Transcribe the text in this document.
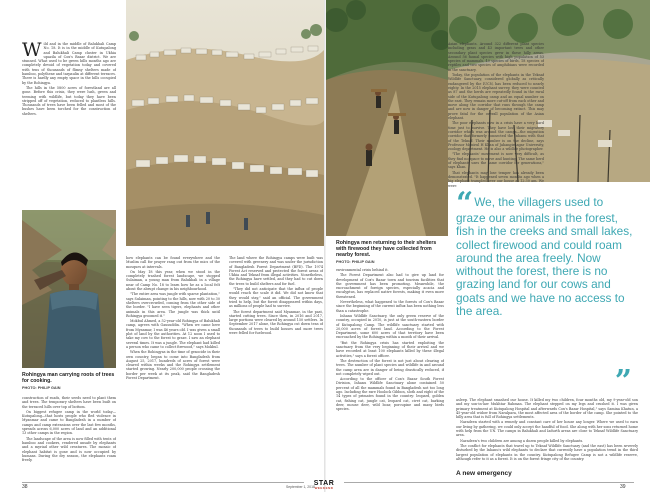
Wild and in the middle of Balukhali Camp No. 18. It is in the middle of Kutupalong and Balukhali Camp cluster in Ukhia upazila of Cox's Bazar district. We are stunned. What used to be green hills months ago are completely devoid of vegetation today and covered with tens of thousands of flimsy shelters made of bamboo, polythene and tarpaulin at different terraces. There is hardly any empty space in the hills occupied by the Rohingya.

The hills in the 5800 acres of forestland are all gone. Before this crisis, they were lush, green and teeming with wildlife, but today they have been stripped off of vegetation, reduced to plantless hills. Thousands of trees have been felled and most of the bushes have been torched for the construction of shelters.

Rohingya man carrying roots of trees for cooking.
PHOTO: PHILIP GAIN

construction of roads, their seeds need to plant them and trees. The temporary shelters have been built on the terraced hills over top of bottom.

On biggest refugee camp in the world today—Kutupalong—that hosts people who fled violence in Myanmar and came to Bangladesh in a number of camps and camp extensions over the last few months, spreads across 6,000 acres of land and an additional 13 other camps in the region.

The landscape of the area is now filled with tents of bamboo and cookers, rendered unsafe by elephants and a myriad other wild creatures. The mosaic of elephant habitat is gone and is now occupied by humans. During the dry season, the elephants roam freely.

how elephants can be found everywhere and the Muslim call for prayer rang out from the mics of the mosques at intervals.

On May 18 this year, when we stood in the completely trashed forest landscape, we stopped Sulaiman, a young man from Balukhali in a village near of Camp No. 18 to learn how he as a local felt about the abrupt change in his neighbourhood.

"The entire area was jungle with sparse plantation," says Sulaiman, pointing to the hills, now with 20 to 30 shelters overcrowded, coming from the other side of the border. "I have seen tigers, elephants and other animals in this area. The jungle was thick until Rohingya groomed it."

Mokbul Ahmed, a 52-year-old Rohingya of Balukhali camp, agrees with Gausuddin. "When we came here from Myanmar, I was 46 years old. I was given a small plot of land by the authorities. At 12 noon I used to take my cow to the forest to graze. I saw an elephant several times. It was a jungle. The elephant had killed a person who came to collect firewood," says Mokbul.

When the Rohingyas in the time of genocide in their own country, began to come into Bangladesh from August 25, 2017, hundreds of acres of forest were cleared within weeks and the Rohingya settlement started growing. Nearly 200,000 people crossing the border per week at its peak, said the Bangladesh Forest Department.

The land where the Rohingya camps were built was covered with greenery and was under the jurisdiction of Bangladesh Forest Department (BFD). The 1974 Forest Act reserved and protected the forest areas of Ukhia and Teknaf from illegal activities. Nonetheless, the Rohingya have settled, and they had to cut down the trees to build shelters and for fuel.

"They did not anticipate that the influx of people would reach the scale it did. We did not know that they would stay," said an official. The government tried to help, but the forest disappeared within days, as millions of people had to survive.

The forest department said Myanmar, in the past, started cutting trees. Since then, in 2016 and 2017, large portions were cleared by around 150 settlers. In September 2017 alone, the Rohingya cut down tens of thousands of trees to build houses and more trees were felled for fuelwood.

Rohingya men returning to their shelters with firewood they have collected from nearby forest.
PHOTO: PHILIP GAIN

environmental crisis behind it.

The Forest Department also had to give up land for development of Cox's Bazar town and tourism facilities that the government has been promoting. Meanwhile, the encroachment of foreign species, especially acacia and eucalyptus, has replaced native forests, making it even more threatened.

Nevertheless, what happened to the forests of Cox's Bazar since the beginning of the current influx has been nothing less than a catastrophe.

Inhanu Wildlife Sanctuary, the only green reserve of the country, occupied in 2010, is just at the south-eastern border of Kutupalong Camp. The wildlife sanctuary started with 20,000 acres of forest land. According to the Forest Department, some 600 acres of that territory have been encroached by the Rohingya within a month of their arrival.

"But the Rohingya crisis has started exploiting the sanctuary from the very beginning of their arrival and we have recorded at least 100 elephants killed by these illegal activities," says a forest officer.

The destruction of the forest is not just about clearing of trees. The number of plant species and wildlife in and around the camp area are in danger of being drastically reduced, if not completely wiped out.

According to the officer of Cox's Bazar South Forest Division, Inhanu Wildlife Sanctuary alone contained 50 percent of all the mammals found in Bangladesh not too long ago. Including the rare Hoolock Gibbon, sloth and eight of the 14 types of primates found in the country: leopard, golden cat, fishing cat, jungle cat, leopard cat, civet cat, barking deer, mouse deer, wild boar, porcupine and many birds species.

Asian elephants. Around 322 different plant species including grass and 43 important trees and other secondary plant species grew in these hilly areas. Around 56 faunal species with high population of 53 species of mammals, 40 species of birds, 18 species of reptiles and two species of amphibians were recorded in the sanctuary.

Today, the population of the elephants in the Teknaf Wildlife Sanctuary, considered globally as critically endangered by the IUCN, has been reduced to nearly eighty. In the 2015 elephant survey, they were counted as 87 and the herds are repeatedly found in the rural side of the Kutupalong camp and an equal number on the east. They remain more cut-off from each other and move along the corridor that runs through the camp and are now in danger of becoming extinct. This may prove fatal for the overall population of the Asian elephant.

The poor elephants now in a crisis have a very hard time just to survive. They have lost their migratory corridor which was around the camps—the migration corridor that formerly connected the Inhanu with that of the Teknaf. Their number is on the decline, says Professor Monirul H Khan of Jahangirnagar University, zoology department. He is also a wildlife photographer.

"The elephants' movement is now very difficult, as they find no space to move and hunting. The same herd of elephants uses the same corridor for generations," says Khan.

That elephants may lose temper has already been demonstrated. "It happened seven months ago when a big elephant trampled over our house at 12:30 am. We were

“We, the villagers used to graze our animals in the forest, fish in the creeks and small lakes, collect firewood and could roam around the area freely. Now without the forest, there is no grazing land for our cows and goats and we have no access to the area.
”

asleep. The elephant smashed our house. It killed my two children, four months old, my 9-year-old son and my son-in-law Mukhtar Rahman. The elephant stepped on my legs and crushed it. I was given primary treatment at Kutupalong Hospital and afterwards Cox's Bazar Hospital," says Samina Khatun, a 45-year-old widow from Naralpara, the most affected area of the border of the camp. She pointed to the hilly area that is full of Rohingya settlements.

Naradeen started with a remedy and constant care of her house any longer. Where we used to earn our living by gathering, we could only accept the handful of food. She along with her sons returned home with help from the UN. The camps in Balukhali and Iadurth areas are close to Teknaf Wildlife Sanctuary area.

Naradeen's two children are among a dozen people killed by elephants.

The conflict for elephants that travel up to Teknaf Wildlife Sanctuary (and the east) has been severely disturbed by the Inhanu's wild elephants to declare that currently have a population trend in the third largest population of elephants in the country. Kutupalong Refugee Camp is not a wildlife reserve, although refer to it as a forest. It is on the forest fringe city of the country.

A new emergency
38	September 1, 2018
STAR
WEEKEND	39
